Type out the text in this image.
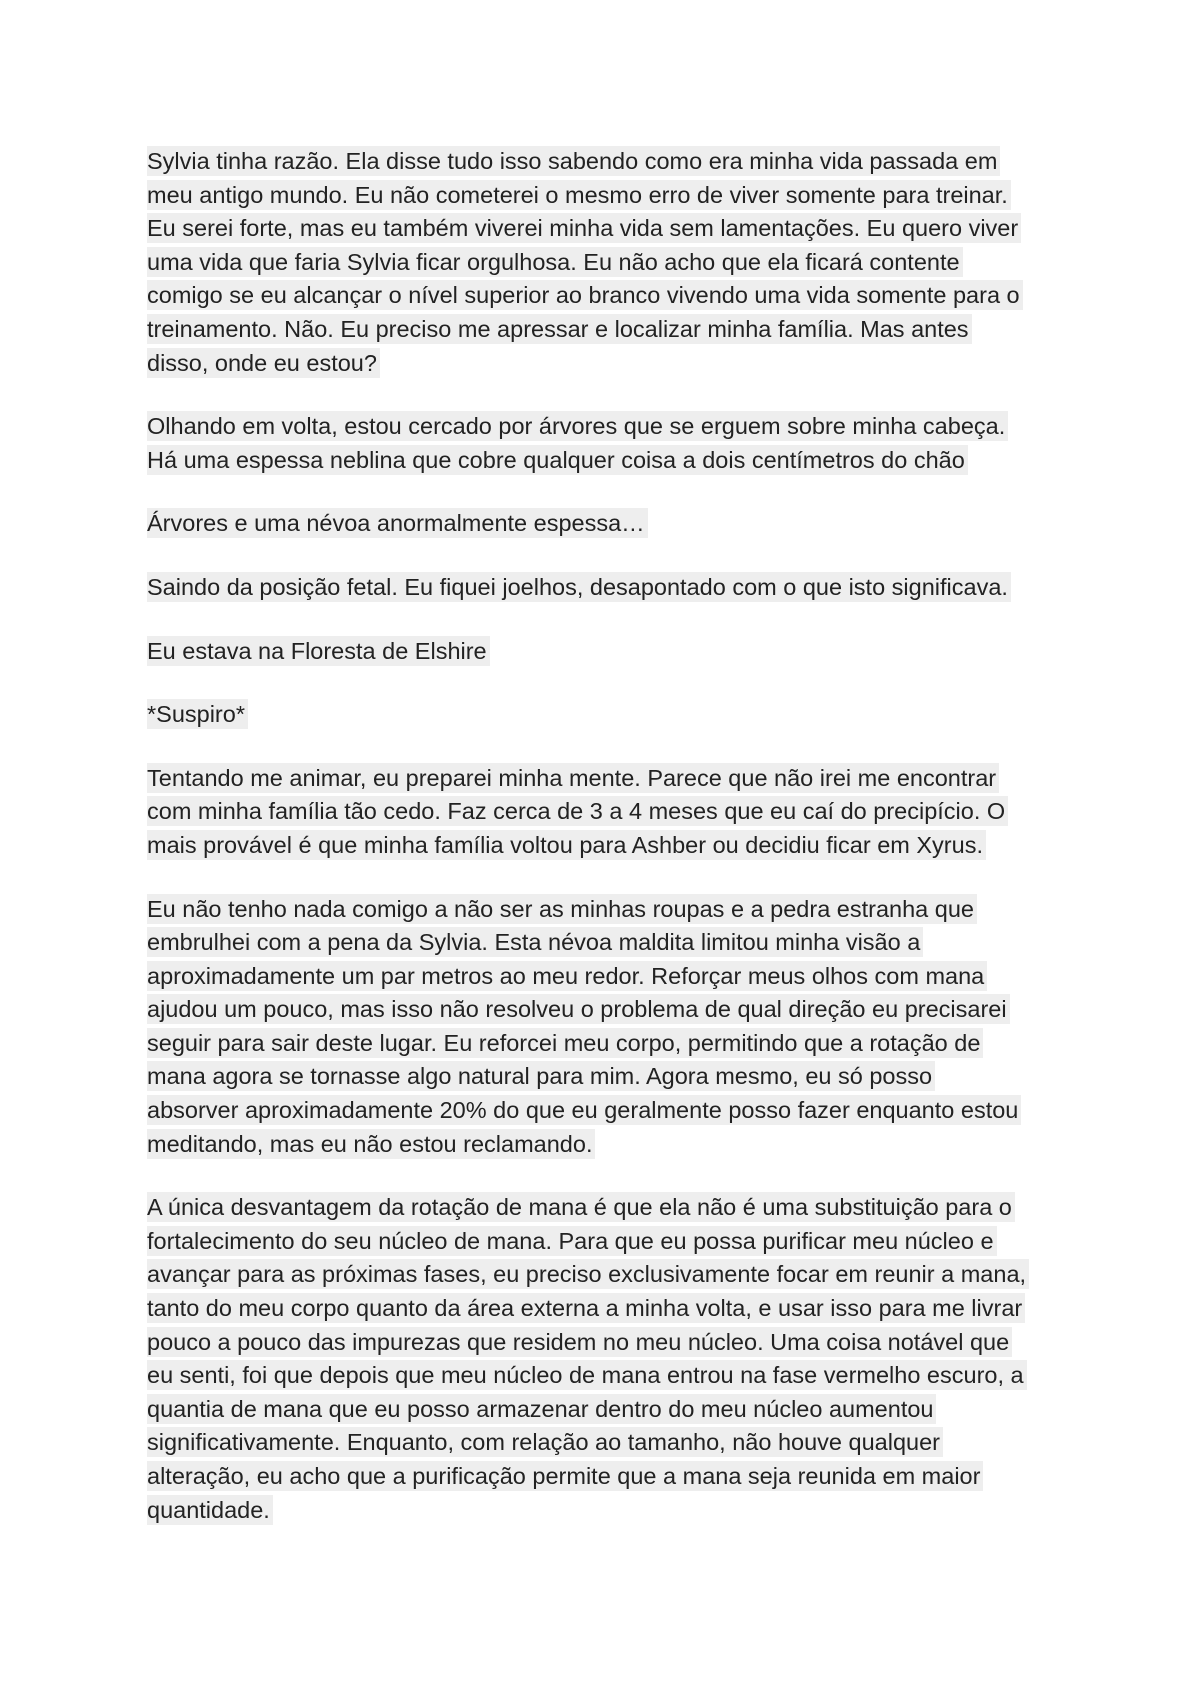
Sylvia tinha razão. Ela disse tudo isso sabendo como era minha vida passada em
meu antigo mundo. Eu não cometerei o mesmo erro de viver somente para treinar.
Eu serei forte, mas eu também viverei minha vida sem lamentações. Eu quero viver
uma vida que faria Sylvia ficar orgulhosa. Eu não acho que ela ficará contente
comigo se eu alcançar o nível superior ao branco vivendo uma vida somente para o
treinamento. Não. Eu preciso me apressar e localizar minha família. Mas antes
disso, onde eu estou?

Olhando em volta, estou cercado por árvores que se erguem sobre minha cabeça.
Há uma espessa neblina que cobre qualquer coisa a dois centímetros do chão

Árvores e uma névoa anormalmente espessa…

Saindo da posição fetal. Eu fiquei joelhos, desapontado com o que isto significava.

Eu estava na Floresta de Elshire

*Suspiro*

Tentando me animar, eu preparei minha mente. Parece que não irei me encontrar
com minha família tão cedo. Faz cerca de 3 a 4 meses que eu caí do precipício. O
mais provável é que minha família voltou para Ashber ou decidiu ficar em Xyrus.

Eu não tenho nada comigo a não ser as minhas roupas e a pedra estranha que
embrulhei com a pena da Sylvia. Esta névoa maldita limitou minha visão a
aproximadamente um par metros ao meu redor. Reforçar meus olhos com mana
ajudou um pouco, mas isso não resolveu o problema de qual direção eu precisarei
seguir para sair deste lugar. Eu reforcei meu corpo, permitindo que a rotação de
mana agora se tornasse algo natural para mim. Agora mesmo, eu só posso
absorver aproximadamente 20% do que eu geralmente posso fazer enquanto estou
meditando, mas eu não estou reclamando.

A única desvantagem da rotação de mana é que ela não é uma substituição para o
fortalecimento do seu núcleo de mana. Para que eu possa purificar meu núcleo e
avançar para as próximas fases, eu preciso exclusivamente focar em reunir a mana,
tanto do meu corpo quanto da área externa a minha volta, e usar isso para me livrar
pouco a pouco das impurezas que residem no meu núcleo. Uma coisa notável que
eu senti, foi que depois que meu núcleo de mana entrou na fase vermelho escuro, a
quantia de mana que eu posso armazenar dentro do meu núcleo aumentou
significativamente. Enquanto, com relação ao tamanho, não houve qualquer
alteração, eu acho que a purificação permite que a mana seja reunida em maior
quantidade.
